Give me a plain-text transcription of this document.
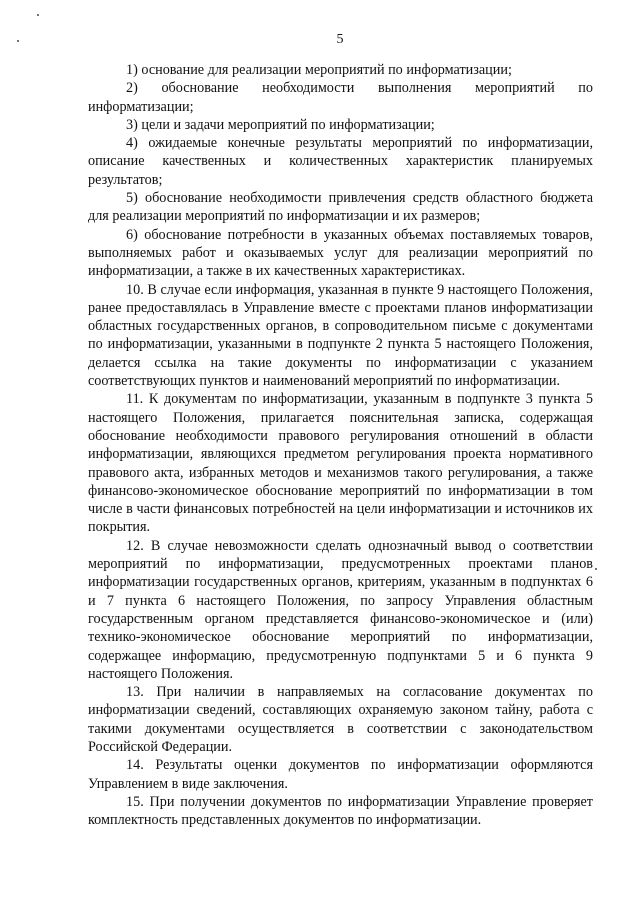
5

1) основание для реализации мероприятий по информатизации;

2) обоснование необходимости выполнения мероприятий по информатизации;

3) цели и задачи мероприятий по информатизации;

4) ожидаемые конечные результаты мероприятий по информатизации, описание качественных и количественных характеристик планируемых результатов;

5) обоснование необходимости привлечения средств областного бюджета для реализации мероприятий по информатизации и их размеров;

6) обоснование потребности в указанных объемах поставляемых товаров, выполняемых работ и оказываемых услуг для реализации мероприятий по информатизации, а также в их качественных характеристиках.

10. В случае если информация, указанная в пункте 9 настоящего Положения, ранее предоставлялась в Управление вместе с проектами планов информатизации областных государственных органов, в сопроводительном письме с документами по информатизации, указанными в подпункте 2 пункта 5 настоящего Положения, делается ссылка на такие документы по информатизации с указанием соответствующих пунктов и наименований мероприятий по информатизации.

11. К документам по информатизации, указанным в подпункте 3 пункта 5 настоящего Положения, прилагается пояснительная записка, содержащая обоснование необходимости правового регулирования отношений в области информатизации, являющихся предметом регулирования проекта нормативного правового акта, избранных методов и механизмов такого регулирования, а также финансово-экономическое обоснование мероприятий по информатизации в том числе в части финансовых потребностей на цели информатизации и источников их покрытия.

12. В случае невозможности сделать однозначный вывод о соответствии мероприятий по информатизации, предусмотренных проектами планов информатизации государственных органов, критериям, указанным в подпунктах 6 и 7 пункта 6 настоящего Положения, по запросу Управления областным государственным органом представляется финансово-экономическое и (или) технико-экономическое обоснование мероприятий по информатизации, содержащее информацию, предусмотренную подпунктами 5 и 6 пункта 9 настоящего Положения.

13. При наличии в направляемых на согласование документах по информатизации сведений, составляющих охраняемую законом тайну, работа с такими документами осуществляется в соответствии с законодательством Российской Федерации.

14. Результаты оценки документов по информатизации оформляются Управлением в виде заключения.

15. При получении документов по информатизации Управление проверяет комплектность представленных документов по информатизации.
